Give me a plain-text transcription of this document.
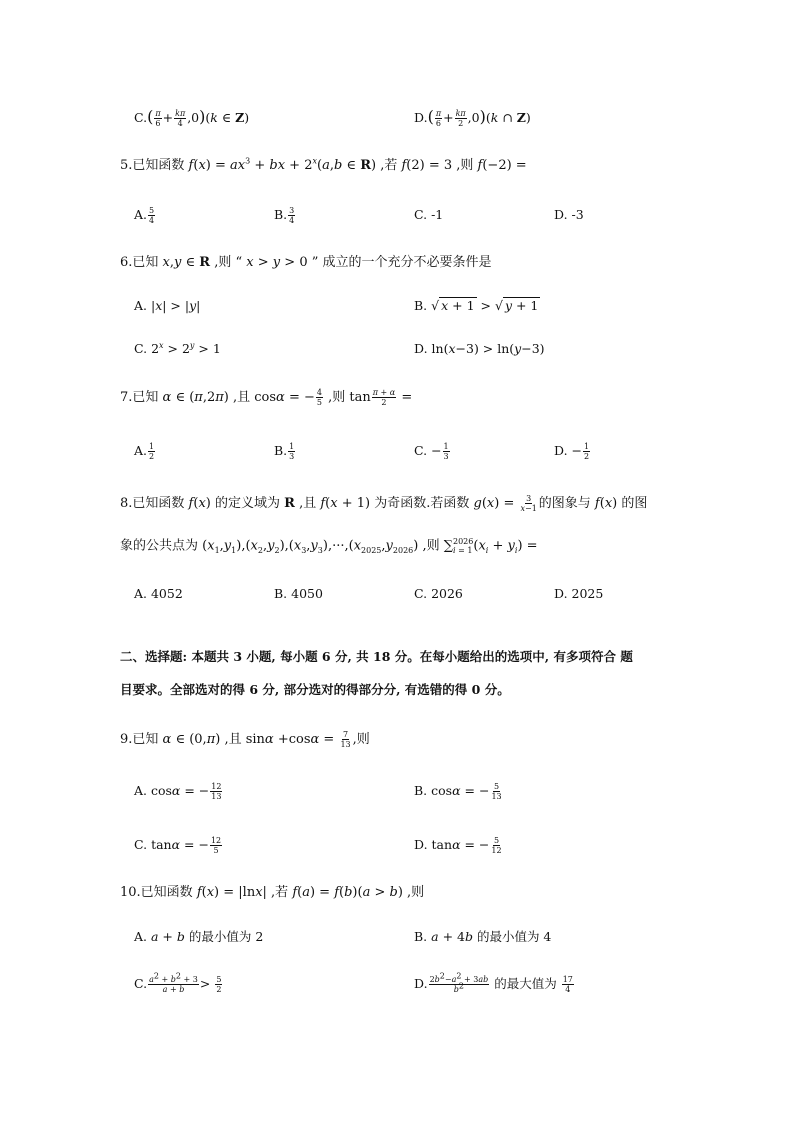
$C.( \frac{\pi}{6} + \frac{k\pi}{4} ,0)(k$ ∈ Z)	$D.( \frac{\pi}{6} + \frac{k\pi}{2} ,0)(k$ ∩ Z)
5.已知函数 $f(x) = ax^3$ + bx + $2^x(a,b$ ∈ R) ,若 f(2) = 3 ,则 f(−2) =
A. $\frac{5}{4}$	B. $\frac{3}{4}$	C. -1	D. -3
6.已知 x,y ∈ R ,则 “ x > y > 0 ” 成立的一个充分不必要条件是
A. |x| > |y|	B. √ x + 1 > √ y + 1
C. $2^x > 2^y > 1$	D. ln(x−3) > ln(y−3)
7.已知 α ∈ (π,2π) ,且 cosα = − $\frac{4}{5}$ ,则 $\tan \frac{\pi + \alpha}{2}$ =
A. $\frac{1}{2}$	B. $\frac{1}{3}$	C. − $\frac{1}{3}$	D. − $\frac{1}{2}$
8.已知函数 f(x) 的定义域为 R ,且 f(x + 1) 为奇函数.若函数 $g(x) = \frac{3}{x-1}$ 的图象与 f(x) 的图
象的公共点为 $(x_1,y_1),(x_2,y_2),(x_3,y_3),\cdot\cdot\cdot,(x_{2025},y_{2026})$ ,则 ∑ 2026
i = 1 $(x_i + y_i)$ =
A. 4052	B. 4050	C. 2026	D. 2025
二、选择题: 本题共 3 小题, 每小题 6 分, 共 18 分。在每小题给出的选项中, 有多项符合 题
目要求。全部选对的得 6 分, 部分选对的得部分分, 有选错的得 0 分。
9.已知 α ∈ (0,π) ,且 $\sin\alpha +\cos\alpha = \frac{7}{13}$ ,则
A. cosα = − $\frac{12}{13}$	B. cosα = − $\frac{5}{13}$
C. tanα = − $\frac{12}{5}$	D. tanα = − $\frac{5}{12}$
10.已知函数 f(x) = |lnx| ,若 f(a) = f(b)(a > b) ,则
A. a + b 的最小值为 2	B. a + 4b 的最小值为 4
C. $\frac{a^2 + b^2 + 3}{a + b} > \frac{5}{2}$	D. $\frac{2b^2-a^2 + 3ab}{b^2}$ 的最大值为 $\frac{17}{4}$
